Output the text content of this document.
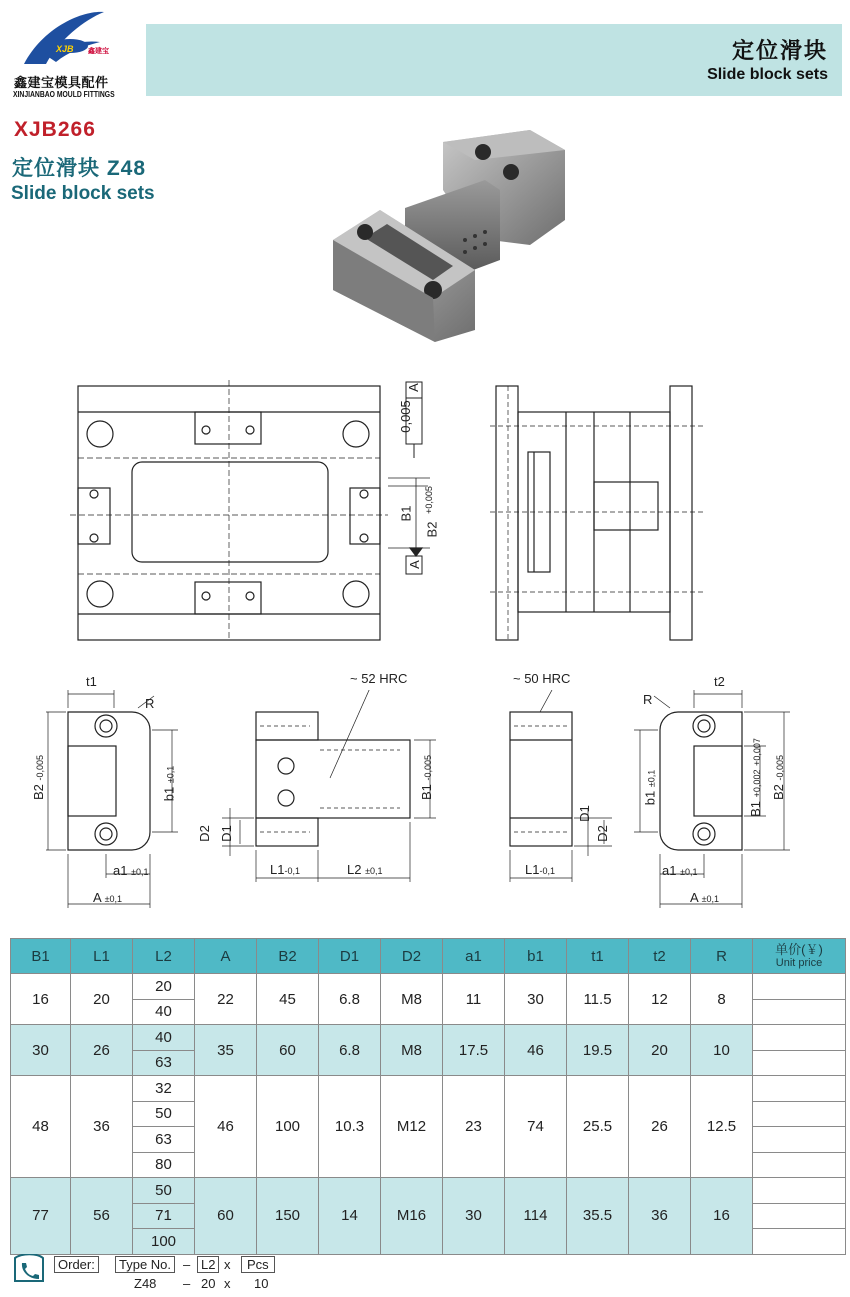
XJB 鑫建宝
鑫建宝模具配件
XINJIANBAO MOULD FITTINGS
定位滑块
Slide block sets
XJB266
定位滑块 Z48
Slide block sets
0,005
A
A
B1
B2
+0,005
t1
R
B2 -0,005
b1 ±0,1
a1 ±0,1
A ±0,1
~ 52 HRC
B1 -0,005
D2 D1
L1-0,1	L2 ±0,1
~ 50 HRC
D1
D2
L1-0,1
t2
R
b1 ±0,1
B1 +0,002 +0,007
B2 -0,005
a1 ±0,1
A ±0,1
B1	L1	L2	A	B2	D1	D2	a1	b1	t1	t2	R	单价(￥)
Unit price

16	20	20	22	45	6.8	M8	11	30	11.5	12	8	
		40										
30	26	40	35	60	6.8	M8	17.5	46	19.5	20	10	
		63										
48	36	32	46	100	10.3	M12	23	74	25.5	26	12.5	
		50										
		63										
		80										
77	56	50	60	150	14	M16	30	114	35.5	36	16	
		71										
		100										
Order:	Type No. – L2 x	Pcs
Z48 – 20 x 10
